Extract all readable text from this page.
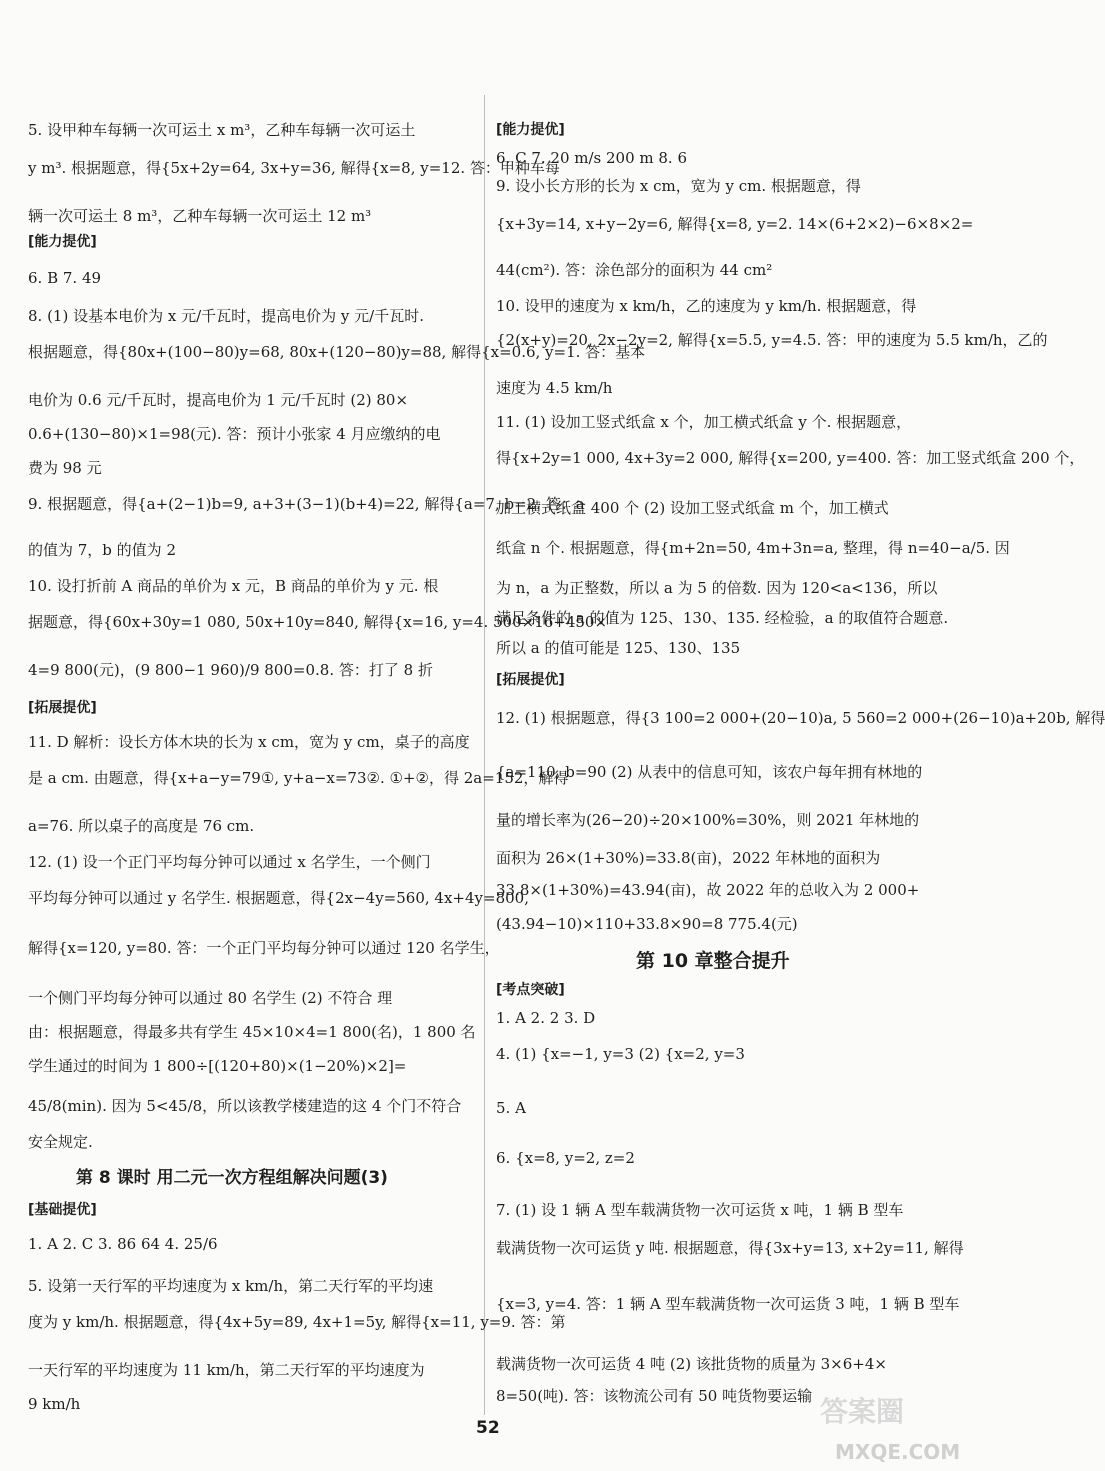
5. 设甲种车每辆一次可运土 x m³，乙种车每辆一次可运土
y m³. 根据题意，得{5x+2y=64, 3x+y=36, 解得{x=8, y=12. 答：甲种车每
辆一次可运土 8 m³，乙种车每辆一次可运土 12 m³
[能力提优]
6. B 7. 49
8. (1) 设基本电价为 x 元/千瓦时，提高电价为 y 元/千瓦时.
根据题意，得{80x+(100−80)y=68, 80x+(120−80)y=88, 解得{x=0.6, y=1. 答：基本
电价为 0.6 元/千瓦时，提高电价为 1 元/千瓦时 (2) 80×
0.6+(130−80)×1=98(元). 答：预计小张家 4 月应缴纳的电
费为 98 元
9. 根据题意，得{a+(2−1)b=9, a+3+(3−1)(b+4)=22, 解得{a=7, b=2. 答：a
的值为 7，b 的值为 2
10. 设打折前 A 商品的单价为 x 元，B 商品的单价为 y 元. 根
据题意，得{60x+30y=1 080, 50x+10y=840, 解得{x=16, y=4. 500×16+450×
4=9 800(元)，(9 800−1 960)/9 800=0.8. 答：打了 8 折
[拓展提优]
11. D 解析：设长方体木块的长为 x cm，宽为 y cm，桌子的高度
是 a cm. 由题意，得{x+a−y=79①, y+a−x=73②. ①+②，得 2a=152，解得
a=76. 所以桌子的高度是 76 cm.
12. (1) 设一个正门平均每分钟可以通过 x 名学生，一个侧门
平均每分钟可以通过 y 名学生. 根据题意，得{2x−4y=560, 4x+4y=800,
解得{x=120, y=80. 答：一个正门平均每分钟可以通过 120 名学生，
一个侧门平均每分钟可以通过 80 名学生 (2) 不符合 理
由：根据题意，得最多共有学生 45×10×4=1 800(名)，1 800 名
学生通过的时间为 1 800÷[(120+80)×(1−20%)×2]=
45/8(min). 因为 5<45/8，所以该教学楼建造的这 4 个门不符合
安全规定.
第 8 课时 用二元一次方程组解决问题(3)
[基础提优]
1. A 2. C 3. 86 64 4. 25/6
5. 设第一天行军的平均速度为 x km/h，第二天行军的平均速
度为 y km/h. 根据题意，得{4x+5y=89, 4x+1=5y, 解得{x=11, y=9. 答：第
一天行军的平均速度为 11 km/h，第二天行军的平均速度为
9 km/h
[能力提优]
6. C 7. 20 m/s 200 m 8. 6
9. 设小长方形的长为 x cm，宽为 y cm. 根据题意，得
{x+3y=14, x+y−2y=6, 解得{x=8, y=2. 14×(6+2×2)−6×8×2=
44(cm²). 答：涂色部分的面积为 44 cm²
10. 设甲的速度为 x km/h，乙的速度为 y km/h. 根据题意，得
{2(x+y)=20, 2x−2y=2, 解得{x=5.5, y=4.5. 答：甲的速度为 5.5 km/h，乙的
速度为 4.5 km/h
11. (1) 设加工竖式纸盒 x 个，加工横式纸盒 y 个. 根据题意，
得{x+2y=1 000, 4x+3y=2 000, 解得{x=200, y=400. 答：加工竖式纸盒 200 个，
加工横式纸盒 400 个 (2) 设加工竖式纸盒 m 个，加工横式
纸盒 n 个. 根据题意，得{m+2n=50, 4m+3n=a, 整理，得 n=40−a/5. 因
为 n，a 为正整数，所以 a 为 5 的倍数. 因为 120<a<136，所以
满足条件的 a 的值为 125、130、135. 经检验，a 的取值符合题意.
所以 a 的值可能是 125、130、135
[拓展提优]
12. (1) 根据题意，得{3 100=2 000+(20−10)a, 5 560=2 000+(26−10)a+20b, 解得
{a=110, b=90 (2) 从表中的信息可知，该农户每年拥有林地的
量的增长率为(26−20)÷20×100%=30%，则 2021 年林地的
面积为 26×(1+30%)=33.8(亩)，2022 年林地的面积为
33.8×(1+30%)=43.94(亩)，故 2022 年的总收入为 2 000+
(43.94−10)×110+33.8×90=8 775.4(元)
第 10 章整合提升
[考点突破]
1. A 2. 2 3. D
4. (1) {x=−1, y=3 (2) {x=2, y=3
5. A
6. {x=8, y=2, z=2
7. (1) 设 1 辆 A 型车载满货物一次可运货 x 吨，1 辆 B 型车
载满货物一次可运货 y 吨. 根据题意，得{3x+y=13, x+2y=11, 解得
{x=3, y=4. 答：1 辆 A 型车载满货物一次可运货 3 吨，1 辆 B 型车
载满货物一次可运货 4 吨 (2) 该批货物的质量为 3×6+4×
8=50(吨). 答：该物流公司有 50 吨货物要运输
52	答案圈
MXQE.COM
